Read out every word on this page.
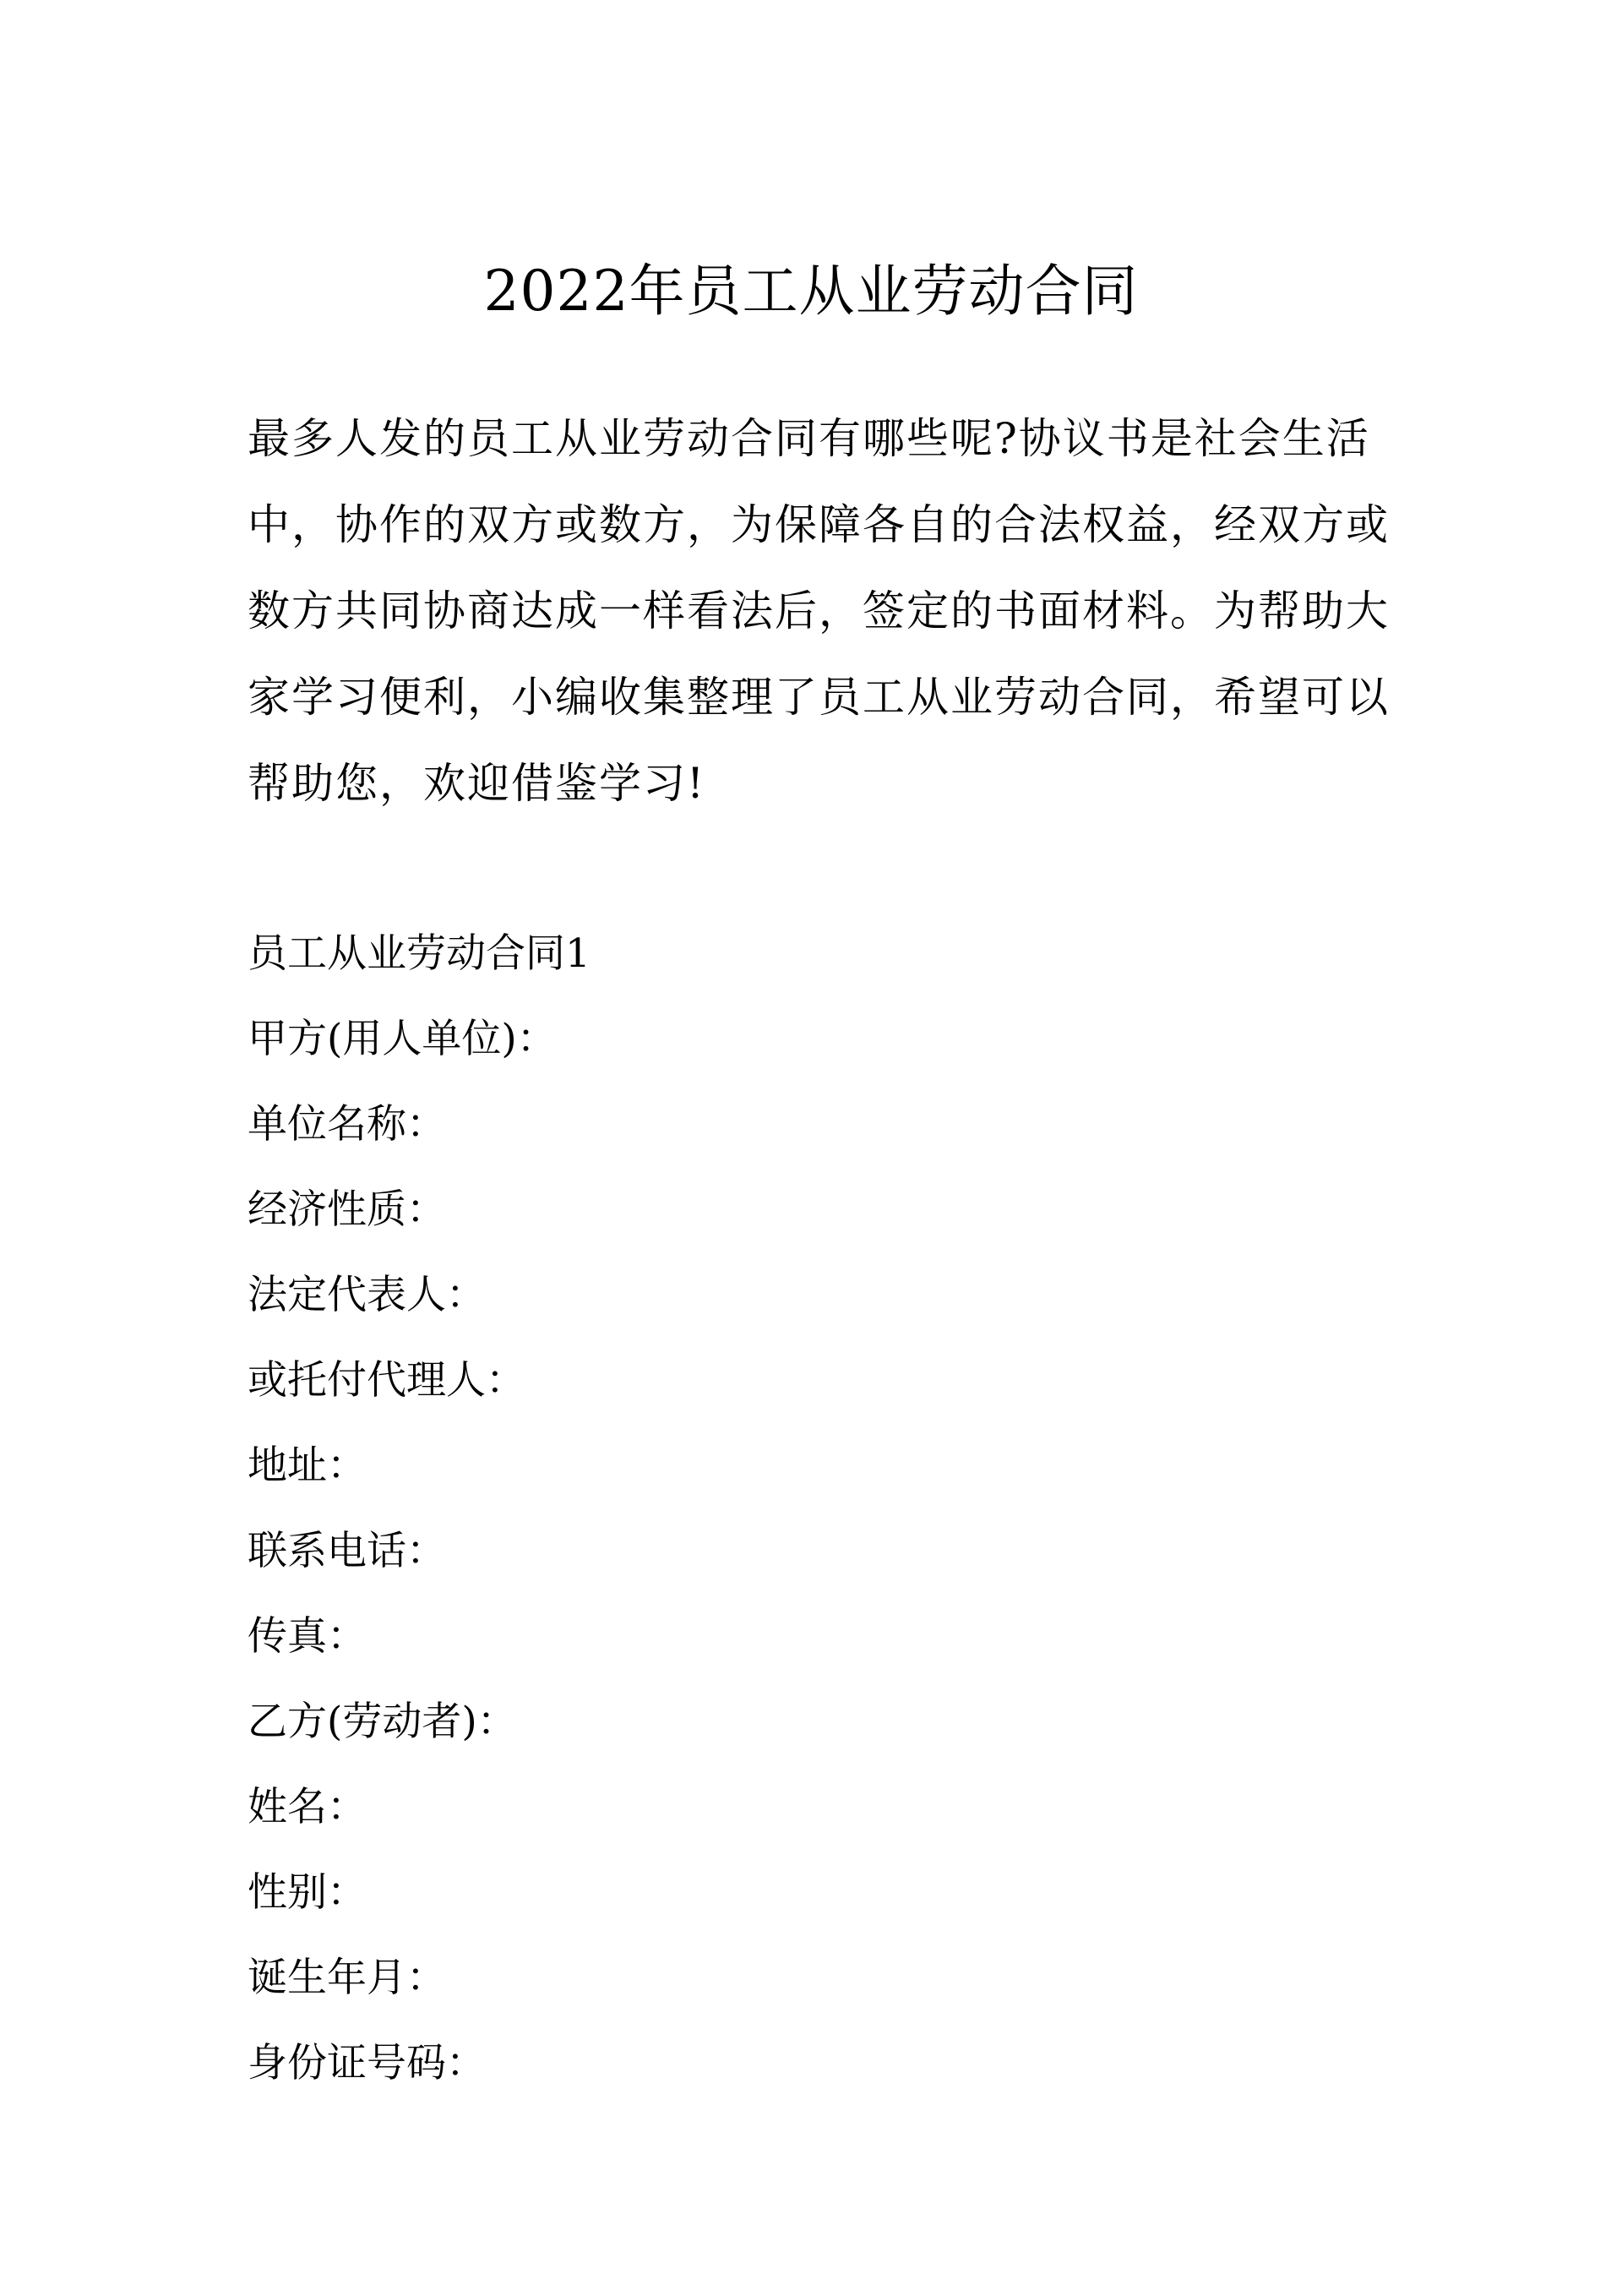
2022年员工从业劳动合同

最多人发的员工从业劳动合同有哪些呢?协议书是社会生活
中，协作的双方或数方，为保障各自的合法权益，经双方或
数方共同协商达成一样看法后，签定的书面材料。为帮助大
家学习便利，小编收集整理了员工从业劳动合同，希望可以
帮助您，欢迎借鉴学习!

员工从业劳动合同1
甲方(用人单位)：
单位名称：
经济性质：
法定代表人：
或托付代理人：
地址：
联系电话：
传真：
乙方(劳动者)：
姓名：
性别：
诞生年月：
身份证号码：
